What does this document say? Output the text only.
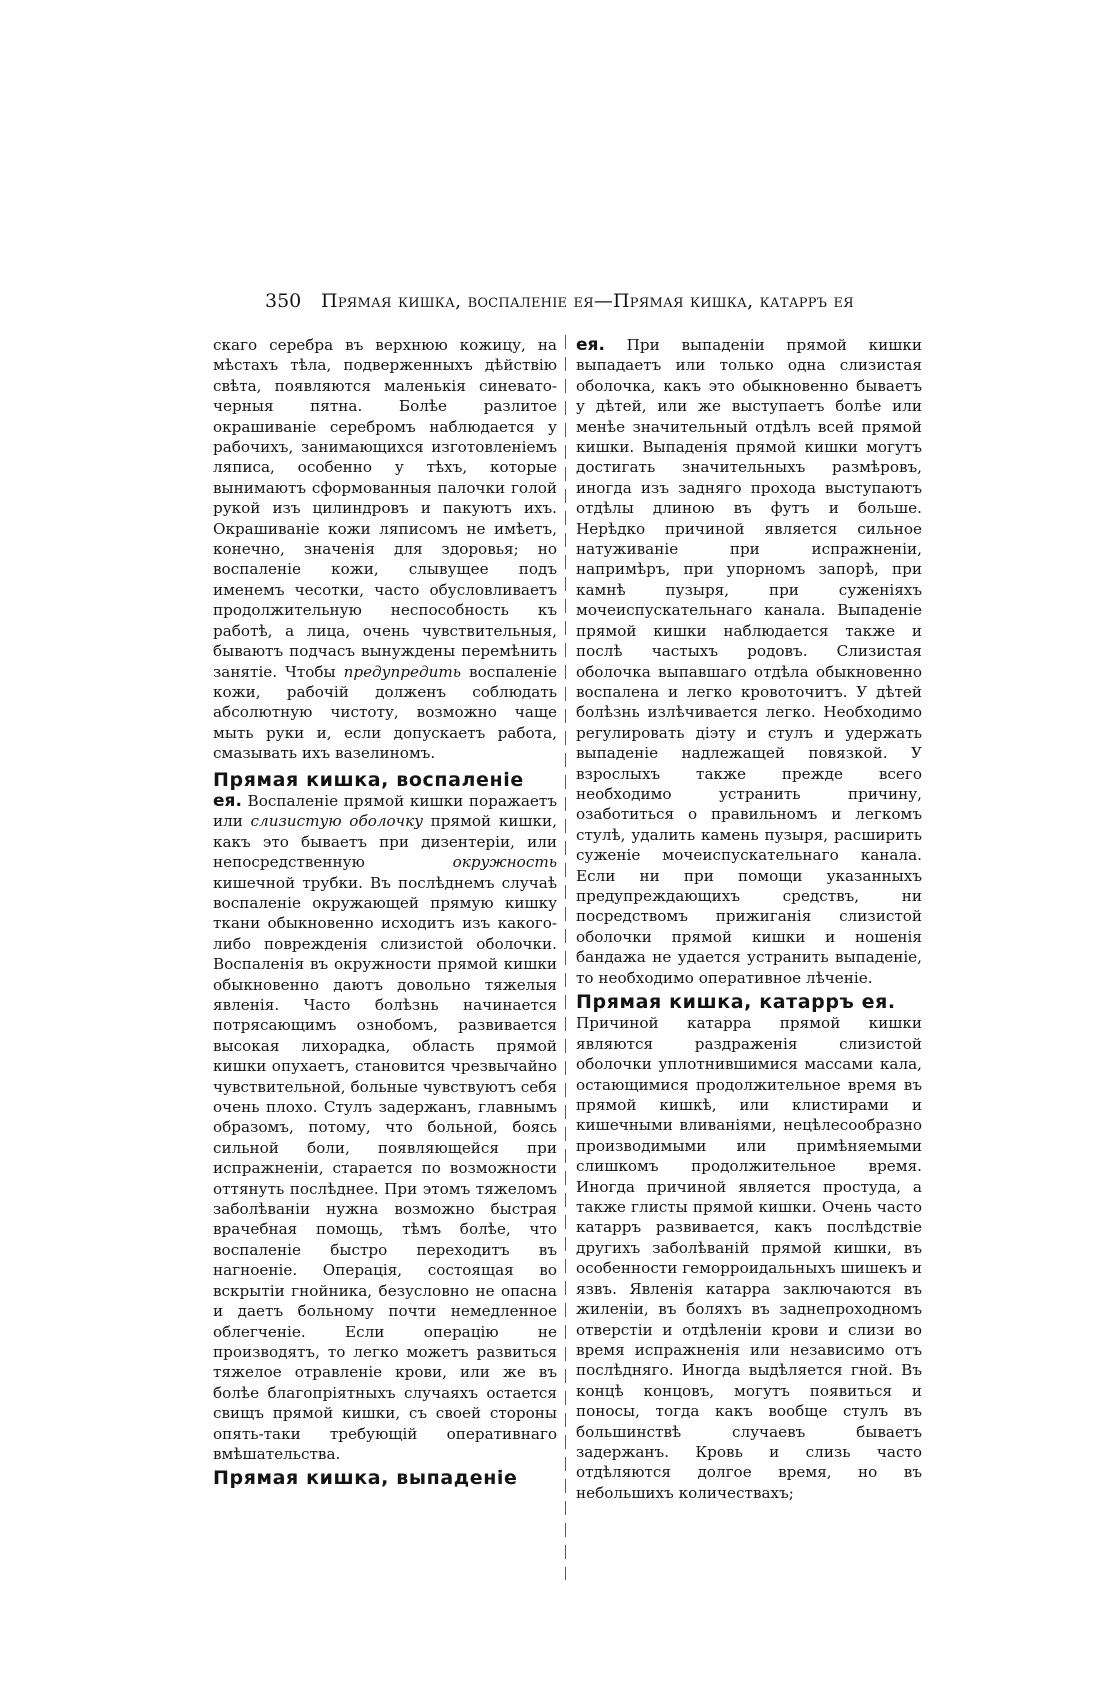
350 Прямая кишка, воспаленіе ея—Прямая кишка, катарръ ея

скаго серебра въ верхнюю кожицу, на мѣстахъ тѣла, подверженныхъ дѣйствію свѣта, появляются маленькія синевато-черныя пятна. Болѣе разлитое окрашиваніе серебромъ наблюдается у рабочихъ, занимающихся изготовленіемъ ляписа, особенно у тѣхъ, которые вынимаютъ сформованныя палочки голой рукой изъ цилиндровъ и пакуютъ ихъ. Окрашиваніе кожи ляписомъ не имѣетъ, конечно, значенія для здоровья; но воспаленіе кожи, слывущее подъ именемъ чесотки, часто обусловливаетъ продолжительную неспособность къ работѣ, а лица, очень чувствительныя, бываютъ подчасъ вынуждены перемѣнить занятіе. Чтобы предупредить воспаленіе кожи, рабочій долженъ соблюдать абсолютную чистоту, возможно чаще мыть руки и, если допускаетъ работа, смазывать ихъ вазелиномъ.

Прямая кишка, воспаленіе
ея. Воспаленіе прямой кишки поражаетъ или слизистую оболочку прямой кишки, какъ это бываетъ при дизентеріи, или непосредственную окружность кишечной трубки. Въ послѣднемъ случаѣ воспаленіе окружающей прямую кишку ткани обыкновенно исходитъ изъ какого-либо поврежденія слизистой оболочки. Воспаленія въ окружности прямой кишки обыкновенно даютъ довольно тяжелыя явленія. Часто болѣзнь начинается потрясающимъ ознобомъ, развивается высокая лихорадка, область прямой кишки опухаетъ, становится чрезвычайно чувствительной, больные чувствуютъ себя очень плохо. Стулъ задержанъ, главнымъ образомъ, потому, что больной, боясь сильной боли, появляющейся при испражненіи, старается по возможности оттянуть послѣднее. При этомъ тяжеломъ заболѣваніи нужна возможно быстрая врачебная помощь, тѣмъ болѣе, что воспаленіе быстро переходитъ въ нагноеніе. Операція, состоящая во вскрытіи гнойника, безусловно не опасна и даетъ больному почти немедленное облегченіе. Если операцію не производятъ, то легко можетъ развиться тяжелое отравленіе крови, или же въ болѣе благопріятныхъ случаяхъ остается свищъ прямой кишки, съ своей стороны опять-таки требующій оперативнаго вмѣшательства.

Прямая кишка, выпаденіе

ея. При выпаденіи прямой кишки выпадаетъ или только одна слизистая оболочка, какъ это обыкновенно бываетъ у дѣтей, или же выступаетъ болѣе или менѣе значительный отдѣлъ всей прямой кишки. Выпаденія прямой кишки могутъ достигать значительныхъ размѣровъ, иногда изъ задняго прохода выступаютъ отдѣлы длиною въ футъ и больше. Нерѣдко причиной является сильное натуживаніе при испражненіи, напримѣръ, при упорномъ запорѣ, при камнѣ пузыря, при суженіяхъ мочеиспускательнаго канала. Выпаденіе прямой кишки наблюдается также и послѣ частыхъ родовъ. Слизистая оболочка выпавшаго отдѣла обыкновенно воспалена и легко кровоточитъ. У дѣтей болѣзнь излѣчивается легко. Необходимо регулировать діэту и стулъ и удержать выпаденіе надлежащей повязкой. У взрослыхъ также прежде всего необходимо устранить причину, озаботиться о правильномъ и легкомъ стулѣ, удалить камень пузыря, расширить суженіе мочеиспускательнаго канала. Если ни при помощи указанныхъ предупреждающихъ средствъ, ни посредствомъ прижиганія слизистой оболочки прямой кишки и ношенія бандажа не удается устранить выпаденіе, то необходимо оперативное лѣченіе.

Прямая кишка, катарръ ея.

Причиной катарра прямой кишки являются раздраженія слизистой оболочки уплотнившимися массами кала, остающимися продолжительное время въ прямой кишкѣ, или клистирами и кишечными вливаніями, нецѣлесообразно производимыми или примѣняемыми слишкомъ продолжительное время. Иногда причиной является простуда, а также глисты прямой кишки. Очень часто катарръ развивается, какъ послѣдствіе другихъ заболѣваній прямой кишки, въ особенности геморроидальныхъ шишекъ и язвъ. Явленія катарра заключаются въ жиленіи, въ боляхъ въ заднепроходномъ отверстіи и отдѣленіи крови и слизи во время испражненія или независимо отъ послѣдняго. Иногда выдѣляется гной. Въ концѣ концовъ, могутъ появиться и поносы, тогда какъ вообще стулъ въ большинствѣ случаевъ бываетъ задержанъ. Кровь и слизь часто отдѣляются долгое время, но въ небольшихъ количествахъ;
